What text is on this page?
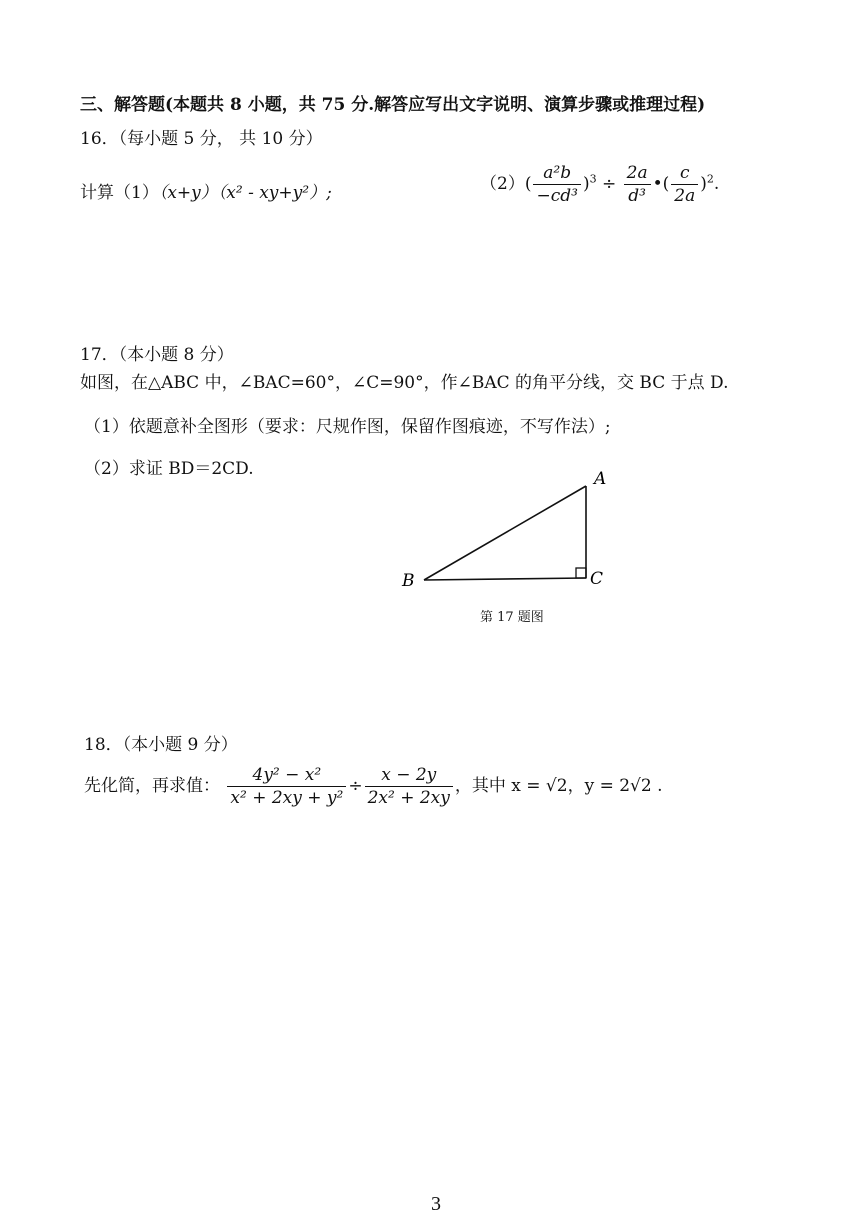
三、解答题(本题共 8 小题，共 75 分.解答应写出文字说明、演算步骤或推理过程)
16．（每小题 5 分， 共 10 分）
计算（1）（x+y）（x² - xy+y²）;	$(2)( \frac{\text{a²b}}{\text{−cd³}} )^3 \div \frac{2a}{\text{d³}}$ •( $\frac{c}{2a} )^2$.
17．（本小题 8 分）
如图，在△ABC 中，∠BAC=60°，∠C=90°，作∠BAC 的角平分线，交 BC 于点 D.
（1）依题意补全图形（要求：尺规作图，保留作图痕迹，不写作法）;
（2）求证 BD＝2CD.	A
B	C
第 17 题图
18．（本小题 9 分）
先化简，再求值： $\frac{\text{4y² − x²}}{\text{x² + 2xy + y²}} \div \frac{x - 2y}{\text{2x² + 2xy}}$ ，其中 x = √2，y = 2√2 .
3
